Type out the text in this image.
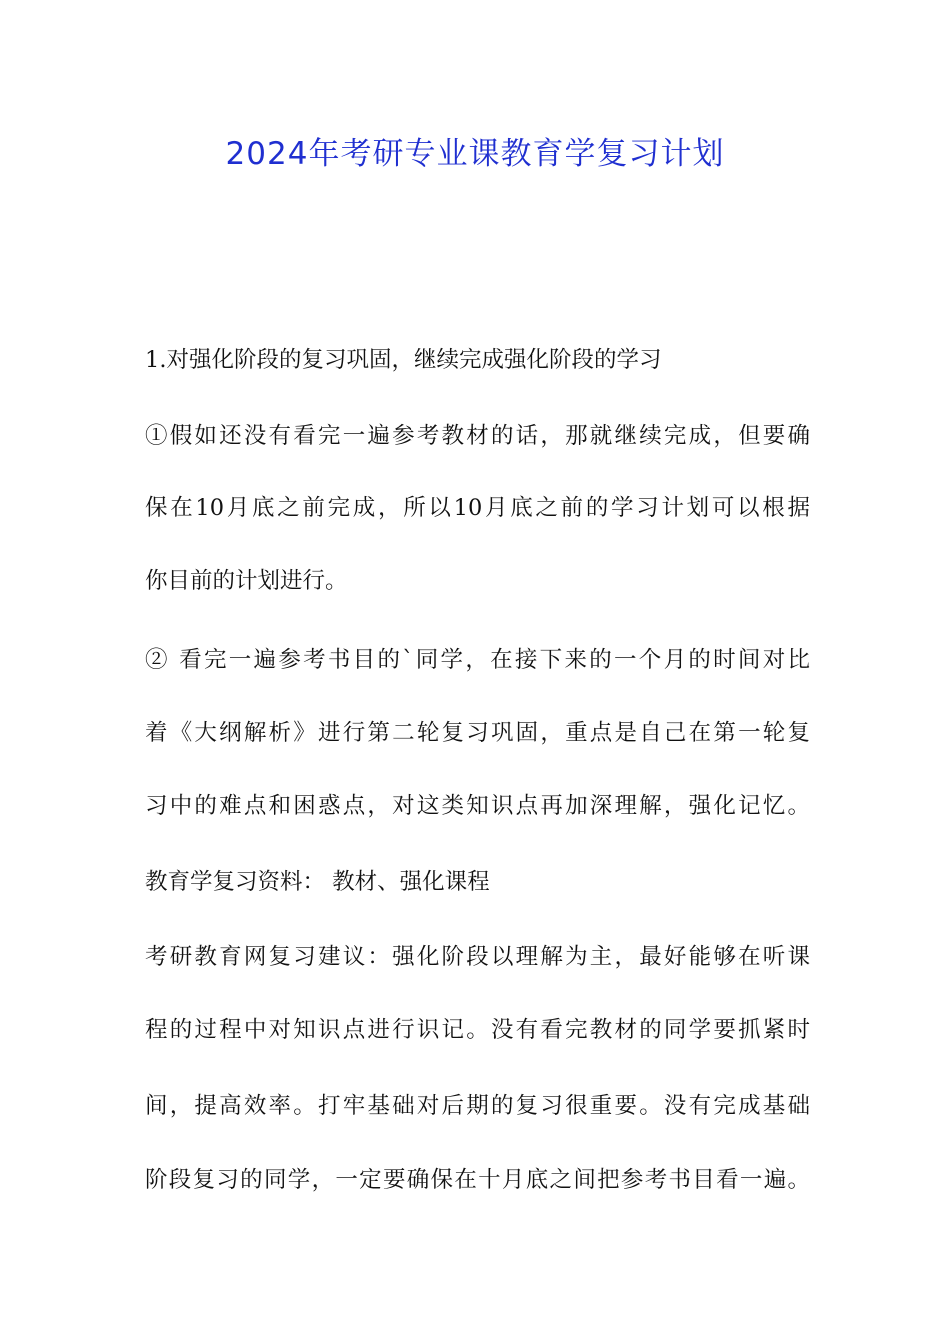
2024年考研专业课教育学复习计划

1.对强化阶段的复习巩固，继续完成强化阶段的学习

①假如还没有看完一遍参考教材的话，那就继续完成，但要确

保在10月底之前完成，所以10月底之前的学习计划可以根据

你目前的计划进行。

② 看完一遍参考书目的`同学，在接下来的一个月的时间对比

着《大纲解析》进行第二轮复习巩固，重点是自己在第一轮复

习中的难点和困惑点，对这类知识点再加深理解，强化记忆。

教育学复习资料： 教材、强化课程

考研教育网复习建议：强化阶段以理解为主，最好能够在听课

程的过程中对知识点进行识记。没有看完教材的同学要抓紧时

间，提高效率。打牢基础对后期的复习很重要。没有完成基础

阶段复习的同学，一定要确保在十月底之间把参考书目看一遍。
